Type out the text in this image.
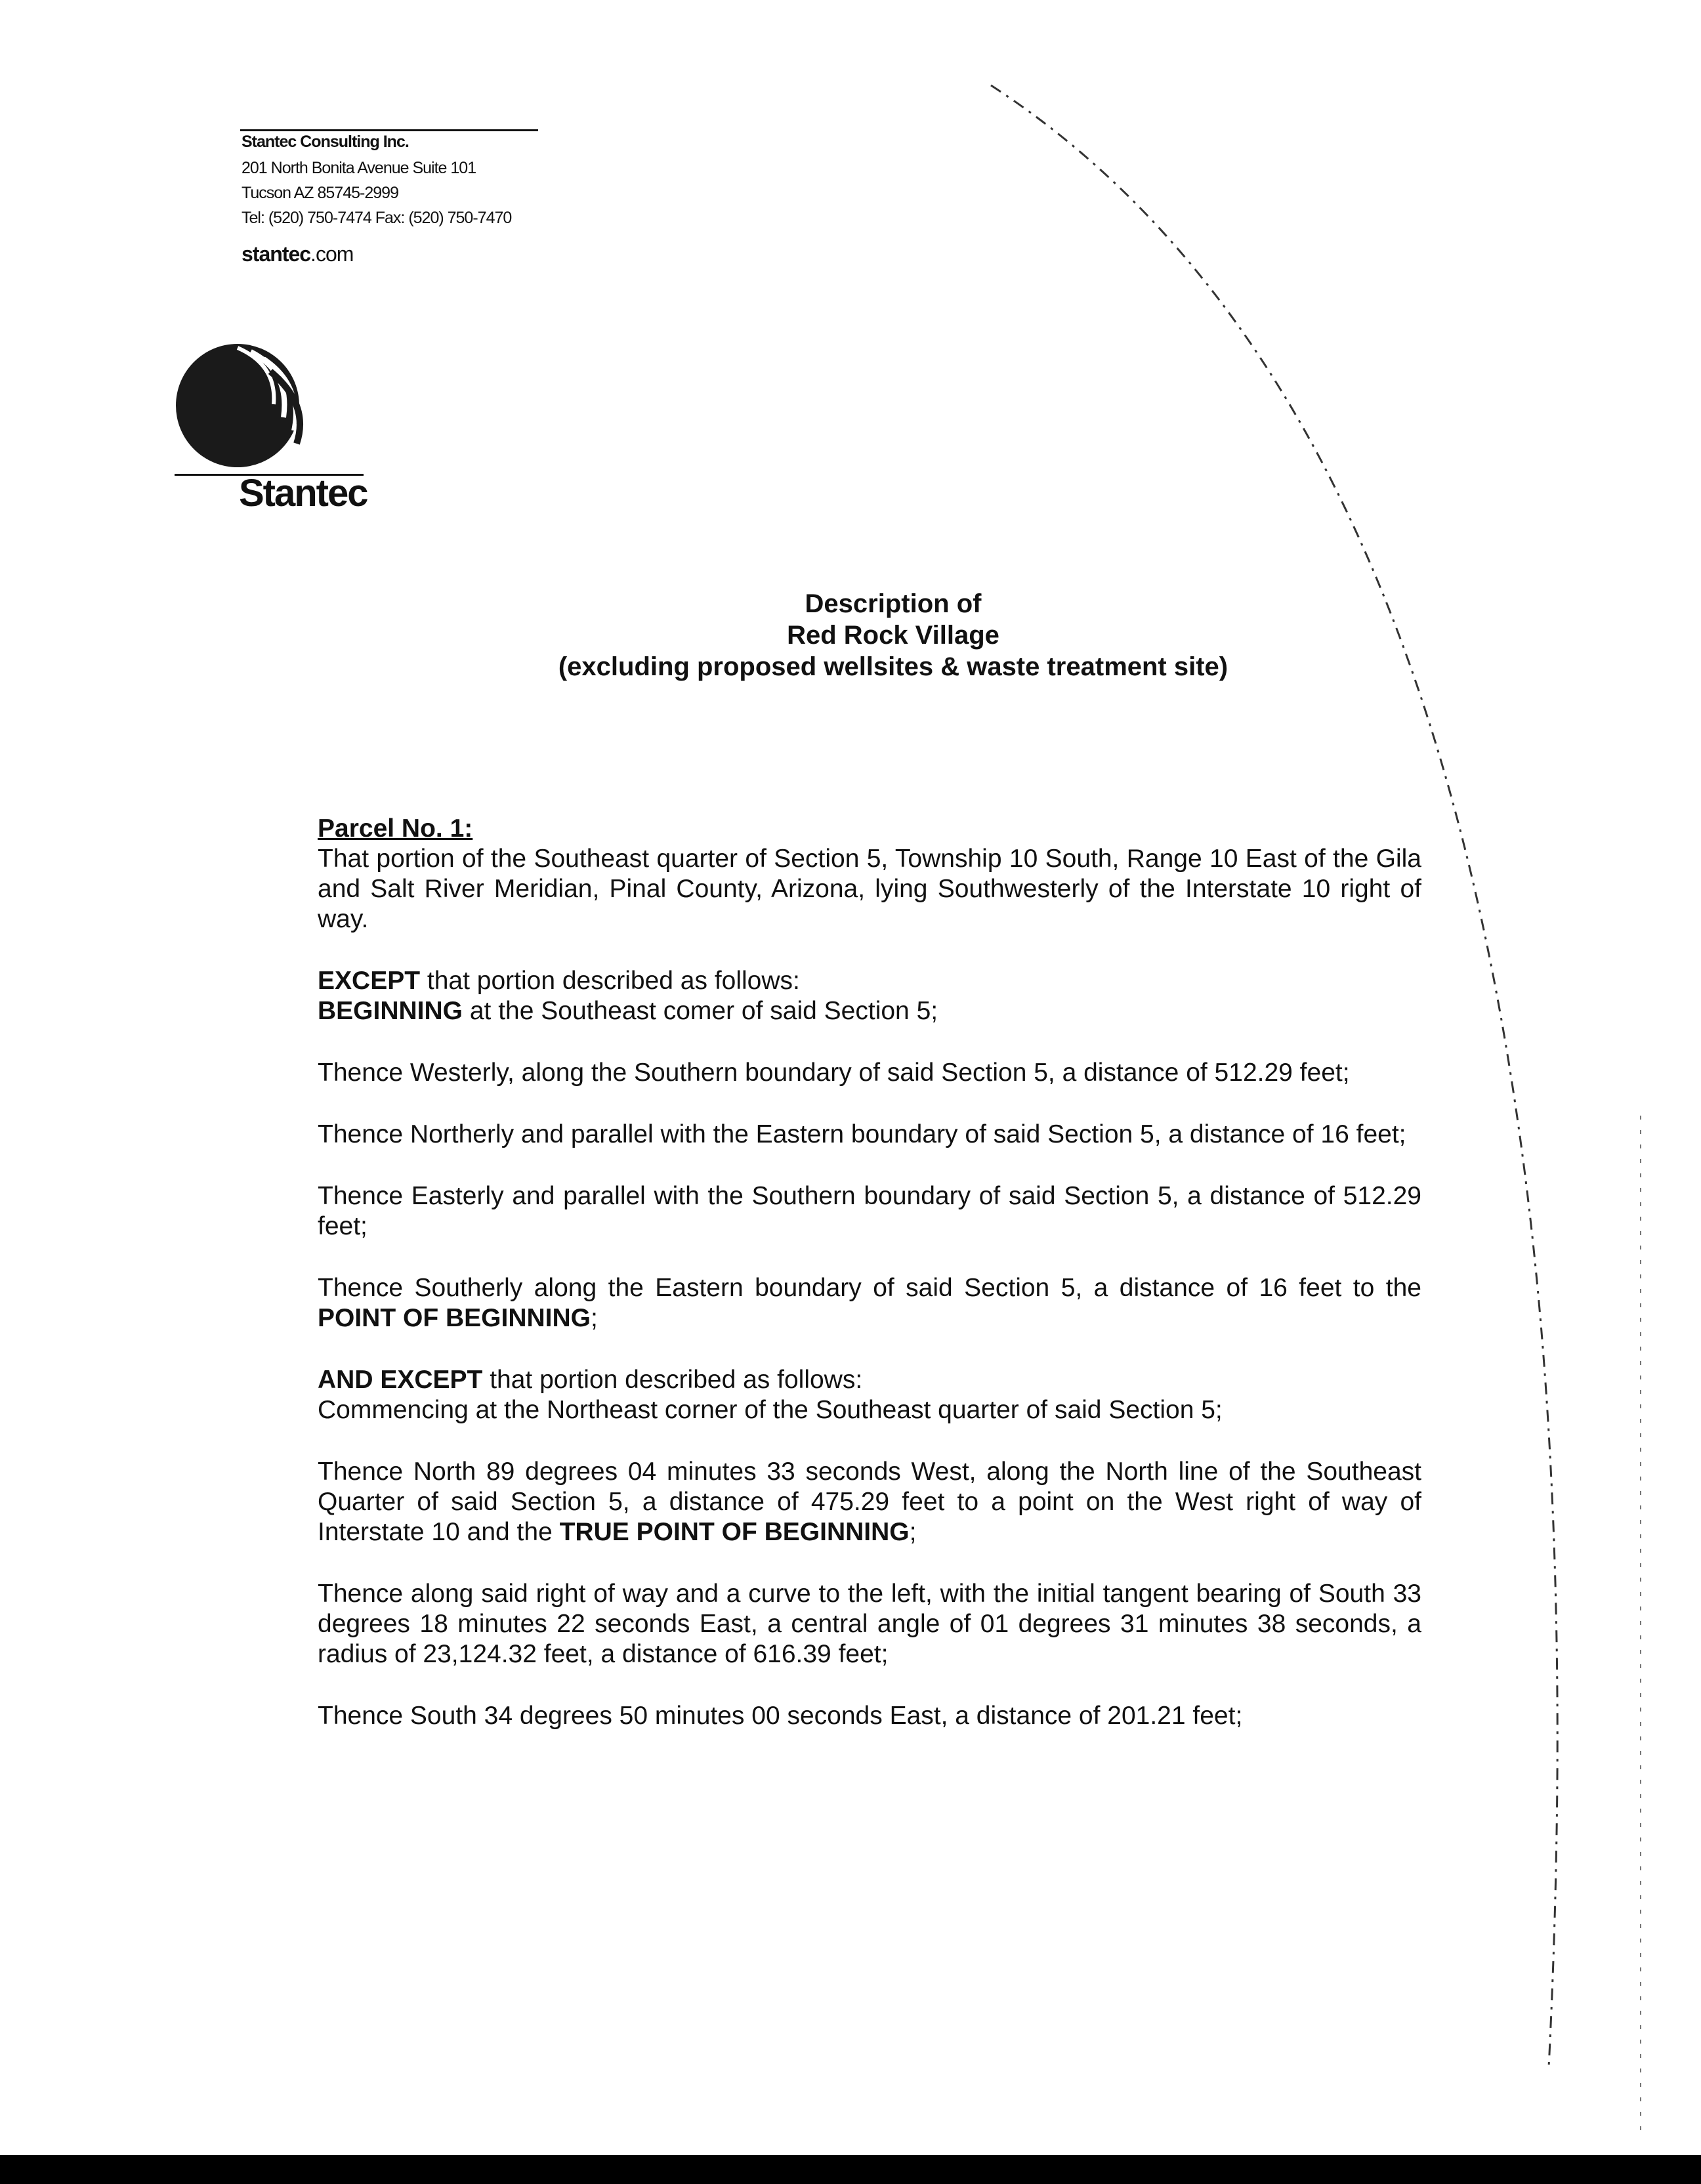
Stantec Consulting Inc.
201 North Bonita Avenue Suite 101
Tucson AZ 85745-2999
Tel: (520) 750-7474 Fax: (520) 750-7470
stantec.com
Stantec
Description of
Red Rock Village
(excluding proposed wellsites & waste treatment site)

Parcel No. 1:
That portion of the Southeast quarter of Section 5, Township 10 South, Range 10 East of the Gila and Salt River Meridian, Pinal County, Arizona, lying Southwesterly of the Interstate 10 right of way.

EXCEPT that portion described as follows:
BEGINNING at the Southeast comer of said Section 5;

Thence Westerly, along the Southern boundary of said Section 5, a distance of 512.29 feet;

Thence Northerly and parallel with the Eastern boundary of said Section 5, a distance of 16 feet;

Thence Easterly and parallel with the Southern boundary of said Section 5, a distance of 512.29 feet;

Thence Southerly along the Eastern boundary of said Section 5, a distance of 16 feet to the POINT OF BEGINNING;

AND EXCEPT that portion described as follows:
Commencing at the Northeast corner of the Southeast quarter of said Section 5;

Thence North 89 degrees 04 minutes 33 seconds West, along the North line of the Southeast Quarter of said Section 5, a distance of 475.29 feet to a point on the West right of way of Interstate 10 and the TRUE POINT OF BEGINNING;

Thence along said right of way and a curve to the left, with the initial tangent bearing of South 33 degrees 18 minutes 22 seconds East, a central angle of 01 degrees 31 minutes 38 seconds, a radius of 23,124.32 feet, a distance of 616.39 feet;

Thence South 34 degrees 50 minutes 00 seconds East, a distance of 201.21 feet;
